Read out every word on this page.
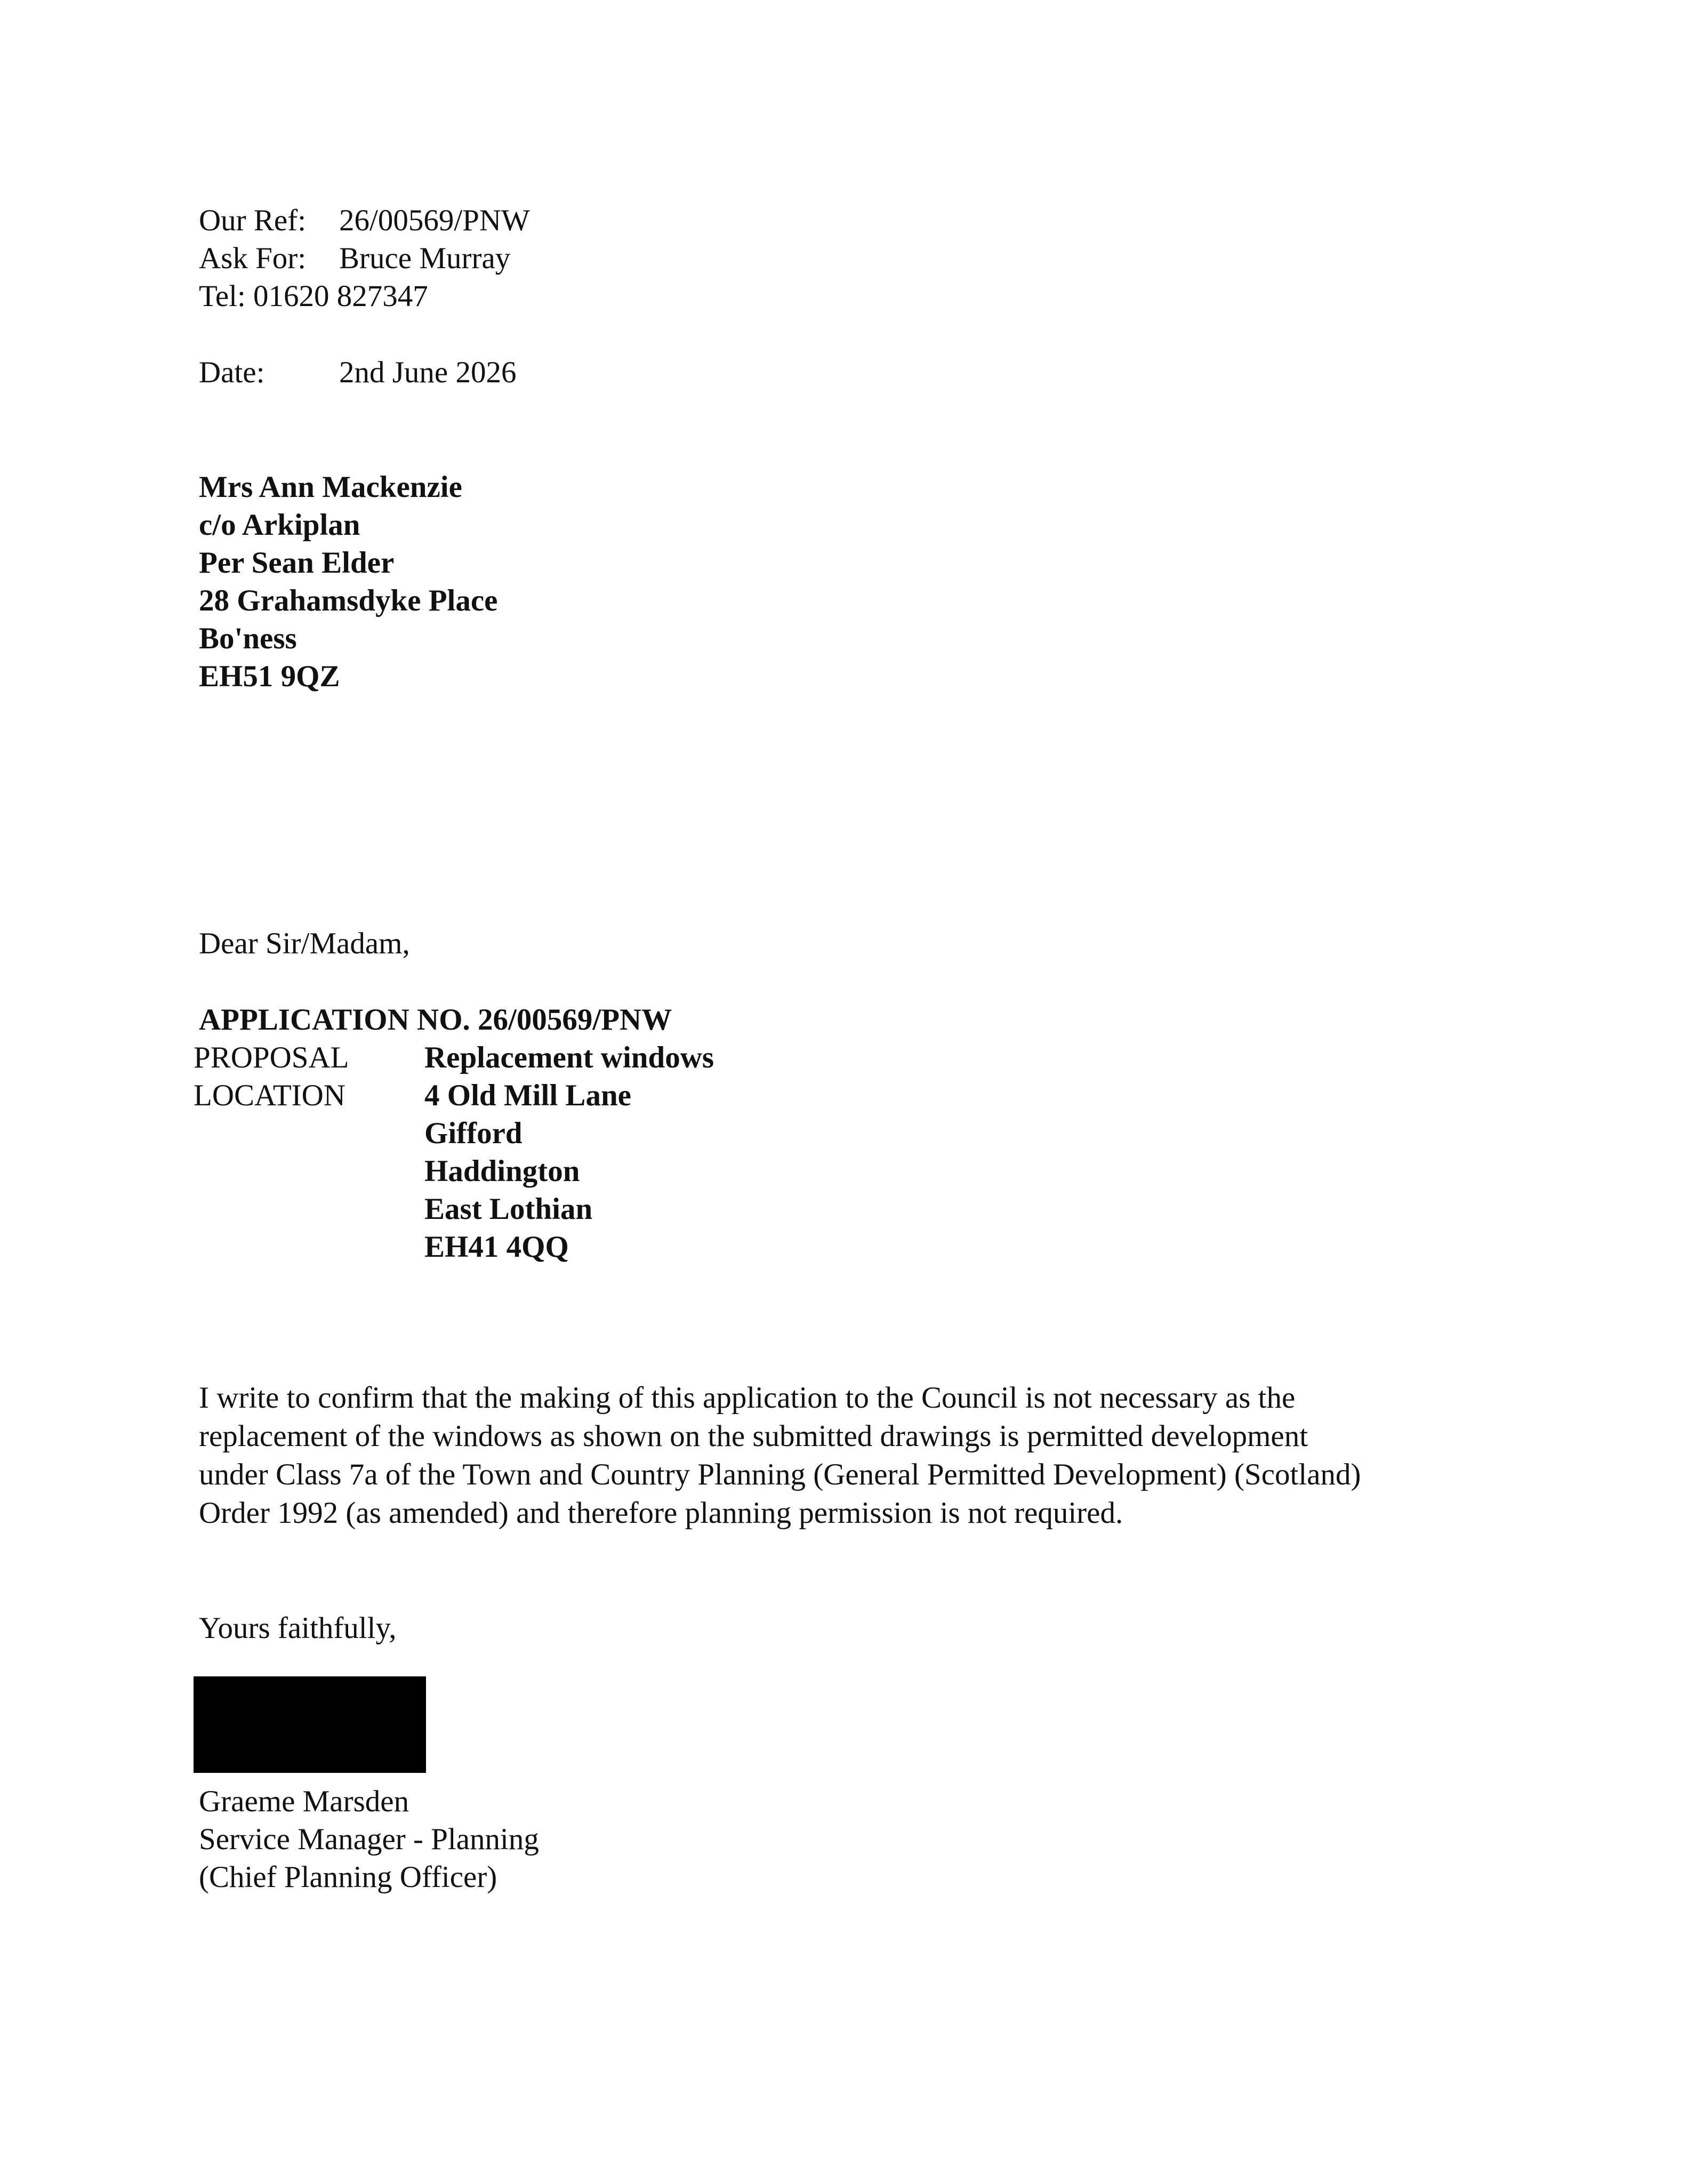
Our Ref: 26/00569/PNW
Ask For: Bruce Murray
Tel: 01620 827347
Date: 2nd June 2026
Mrs Ann Mackenzie
c/o Arkiplan
Per Sean Elder
28 Grahamsdyke Place
Bo'ness
EH51 9QZ
Dear Sir/Madam,
APPLICATION NO. 26/00569/PNW
PROPOSAL Replacement windows
LOCATION	4 Old Mill Lane
Gifford
Haddington
East Lothian
EH41 4QQ
I write to confirm that the making of this application to the Council is not necessary as the
replacement of the windows as shown on the submitted drawings is permitted development
under Class 7a of the Town and Country Planning (General Permitted Development) (Scotland)
Order 1992 (as amended) and therefore planning permission is not required.
Yours faithfully,
Graeme Marsden
Service Manager - Planning
(Chief Planning Officer)
